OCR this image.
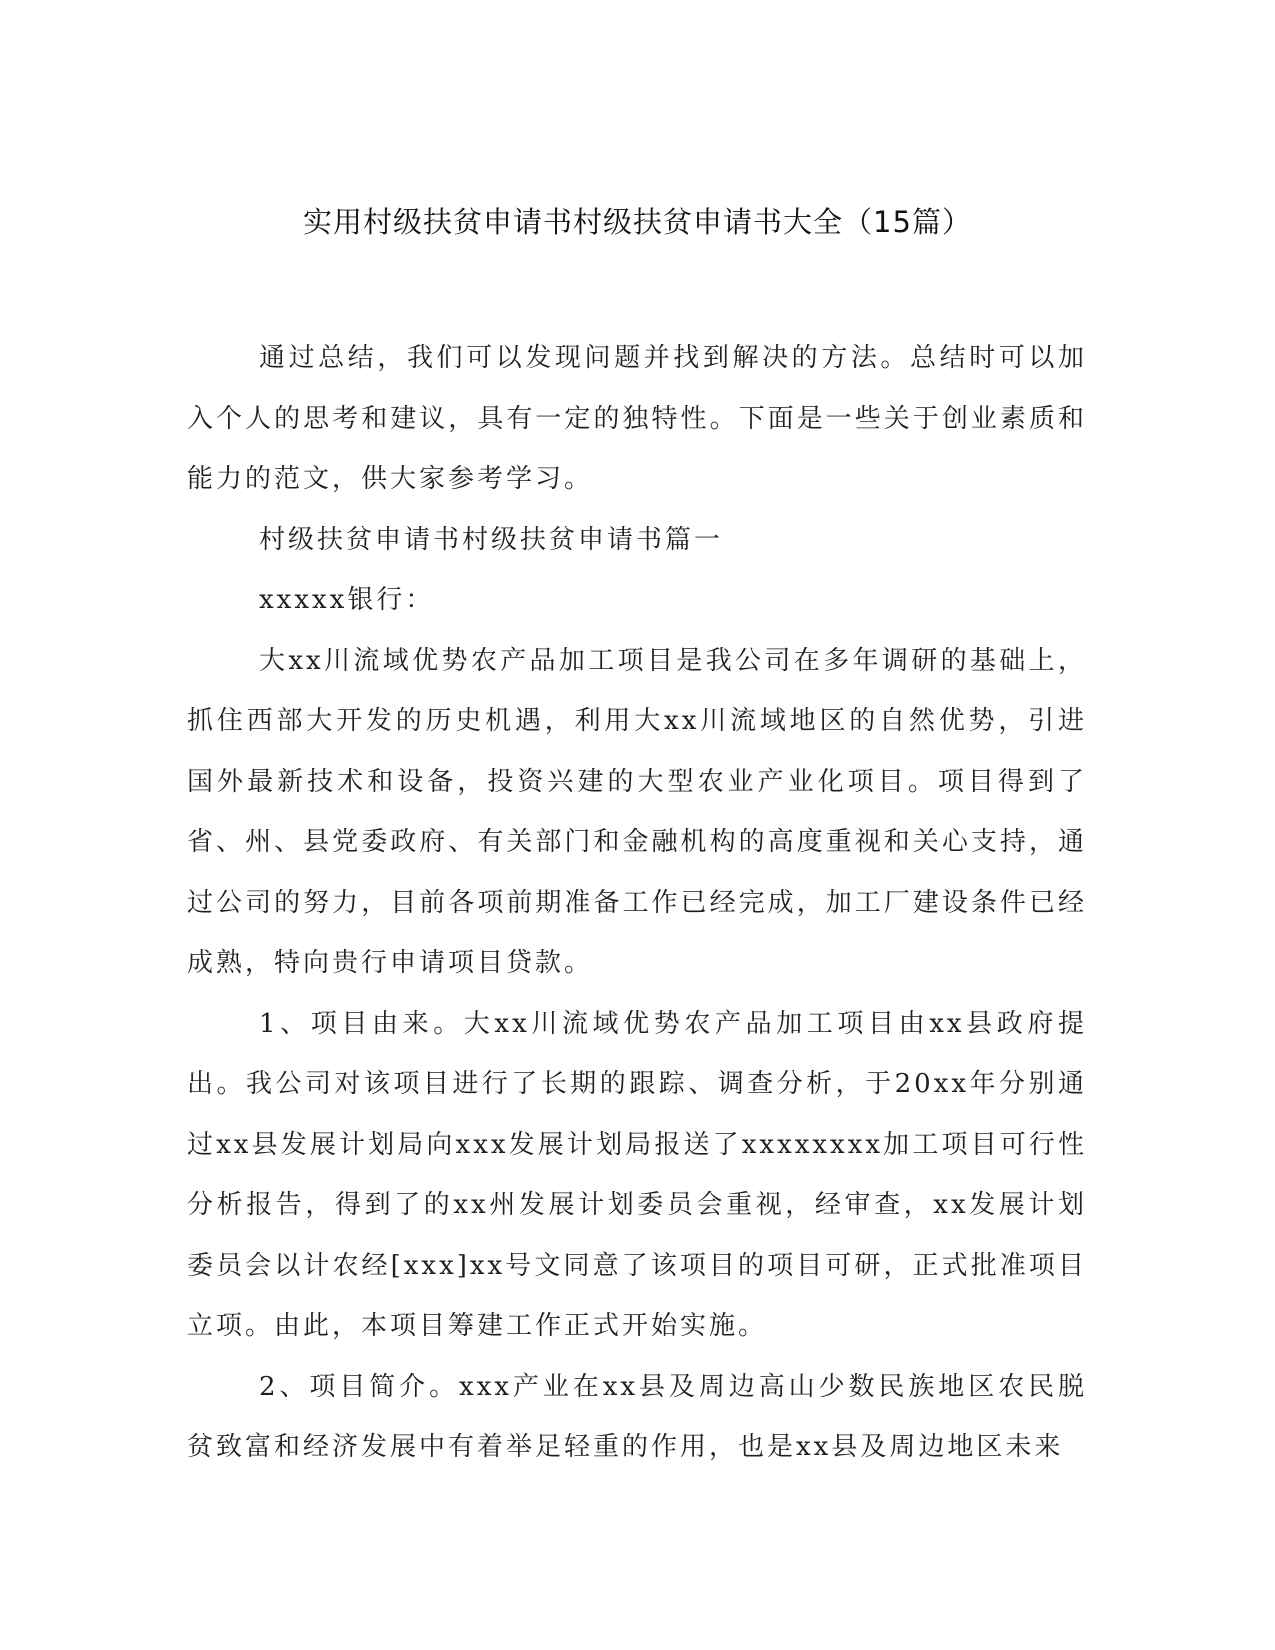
实用村级扶贫申请书村级扶贫申请书大全（15篇）

通过总结，我们可以发现问题并找到解决的方法。总结时可以加入个人的思考和建议，具有一定的独特性。下面是一些关于创业素质和能力的范文，供大家参考学习。

村级扶贫申请书村级扶贫申请书篇一

xxxxx银行：

大xx川流域优势农产品加工项目是我公司在多年调研的基础上，抓住西部大开发的历史机遇，利用大xx川流域地区的自然优势，引进国外最新技术和设备，投资兴建的大型农业产业化项目。项目得到了省、州、县党委政府、有关部门和金融机构的高度重视和关心支持，通过公司的努力，目前各项前期准备工作已经完成，加工厂建设条件已经成熟，特向贵行申请项目贷款。

1、项目由来。大xx川流域优势农产品加工项目由xx县政府提出。我公司对该项目进行了长期的跟踪、调查分析，于20xx年分别通过xx县发展计划局向xxx发展计划局报送了xxxxxxxx加工项目可行性分析报告，得到了的xx州发展计划委员会重视，经审查，xx发展计划委员会以计农经[xxx]xx号文同意了该项目的项目可研，正式批准项目立项。由此，本项目筹建工作正式开始实施。

2、项目简介。xxx产业在xx县及周边高山少数民族地区农民脱贫致富和经济发展中有着举足轻重的作用，也是xx县及周边地区未来
